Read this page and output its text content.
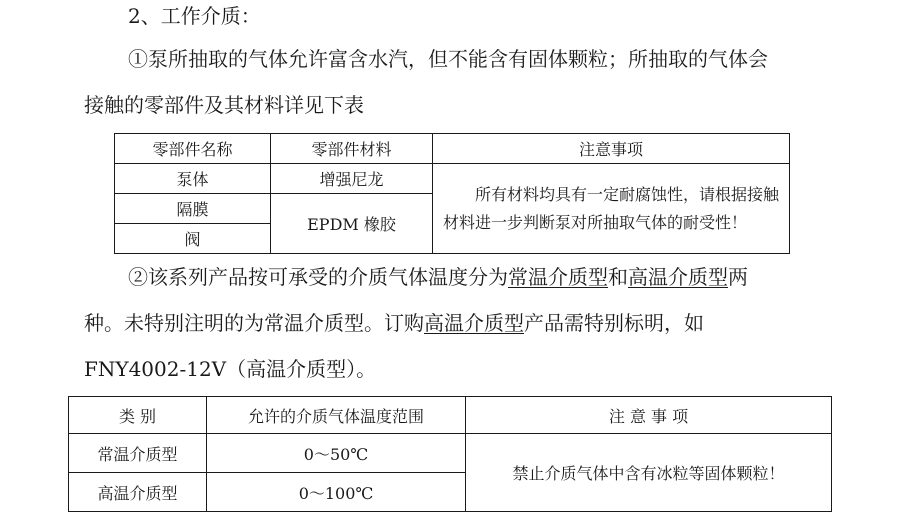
2、工作介质：
①泵所抽取的气体允许富含水汽，但不能含有固体颗粒；所抽取的气体会
接触的零部件及其材料详见下表
零部件名称	零部件材料	注意事项
泵体	增强尼龙	所有材料均具有一定耐腐蚀性，请根据接触材料进一步判断泵对所抽取气体的耐受性！
隔膜	EPDM 橡胶	
阀		
②该系列产品按可承受的介质气体温度分为常温介质型和高温介质型两
种。未特别注明的为常温介质型。订购高温介质型产品需特别标明，如
FNY4002-12V（高温介质型）。
类 别	允许的介质气体温度范围	注 意 事 项
常温介质型	0～50℃	禁止介质气体中含有冰粒等固体颗粒！
高温介质型	0～100℃	
